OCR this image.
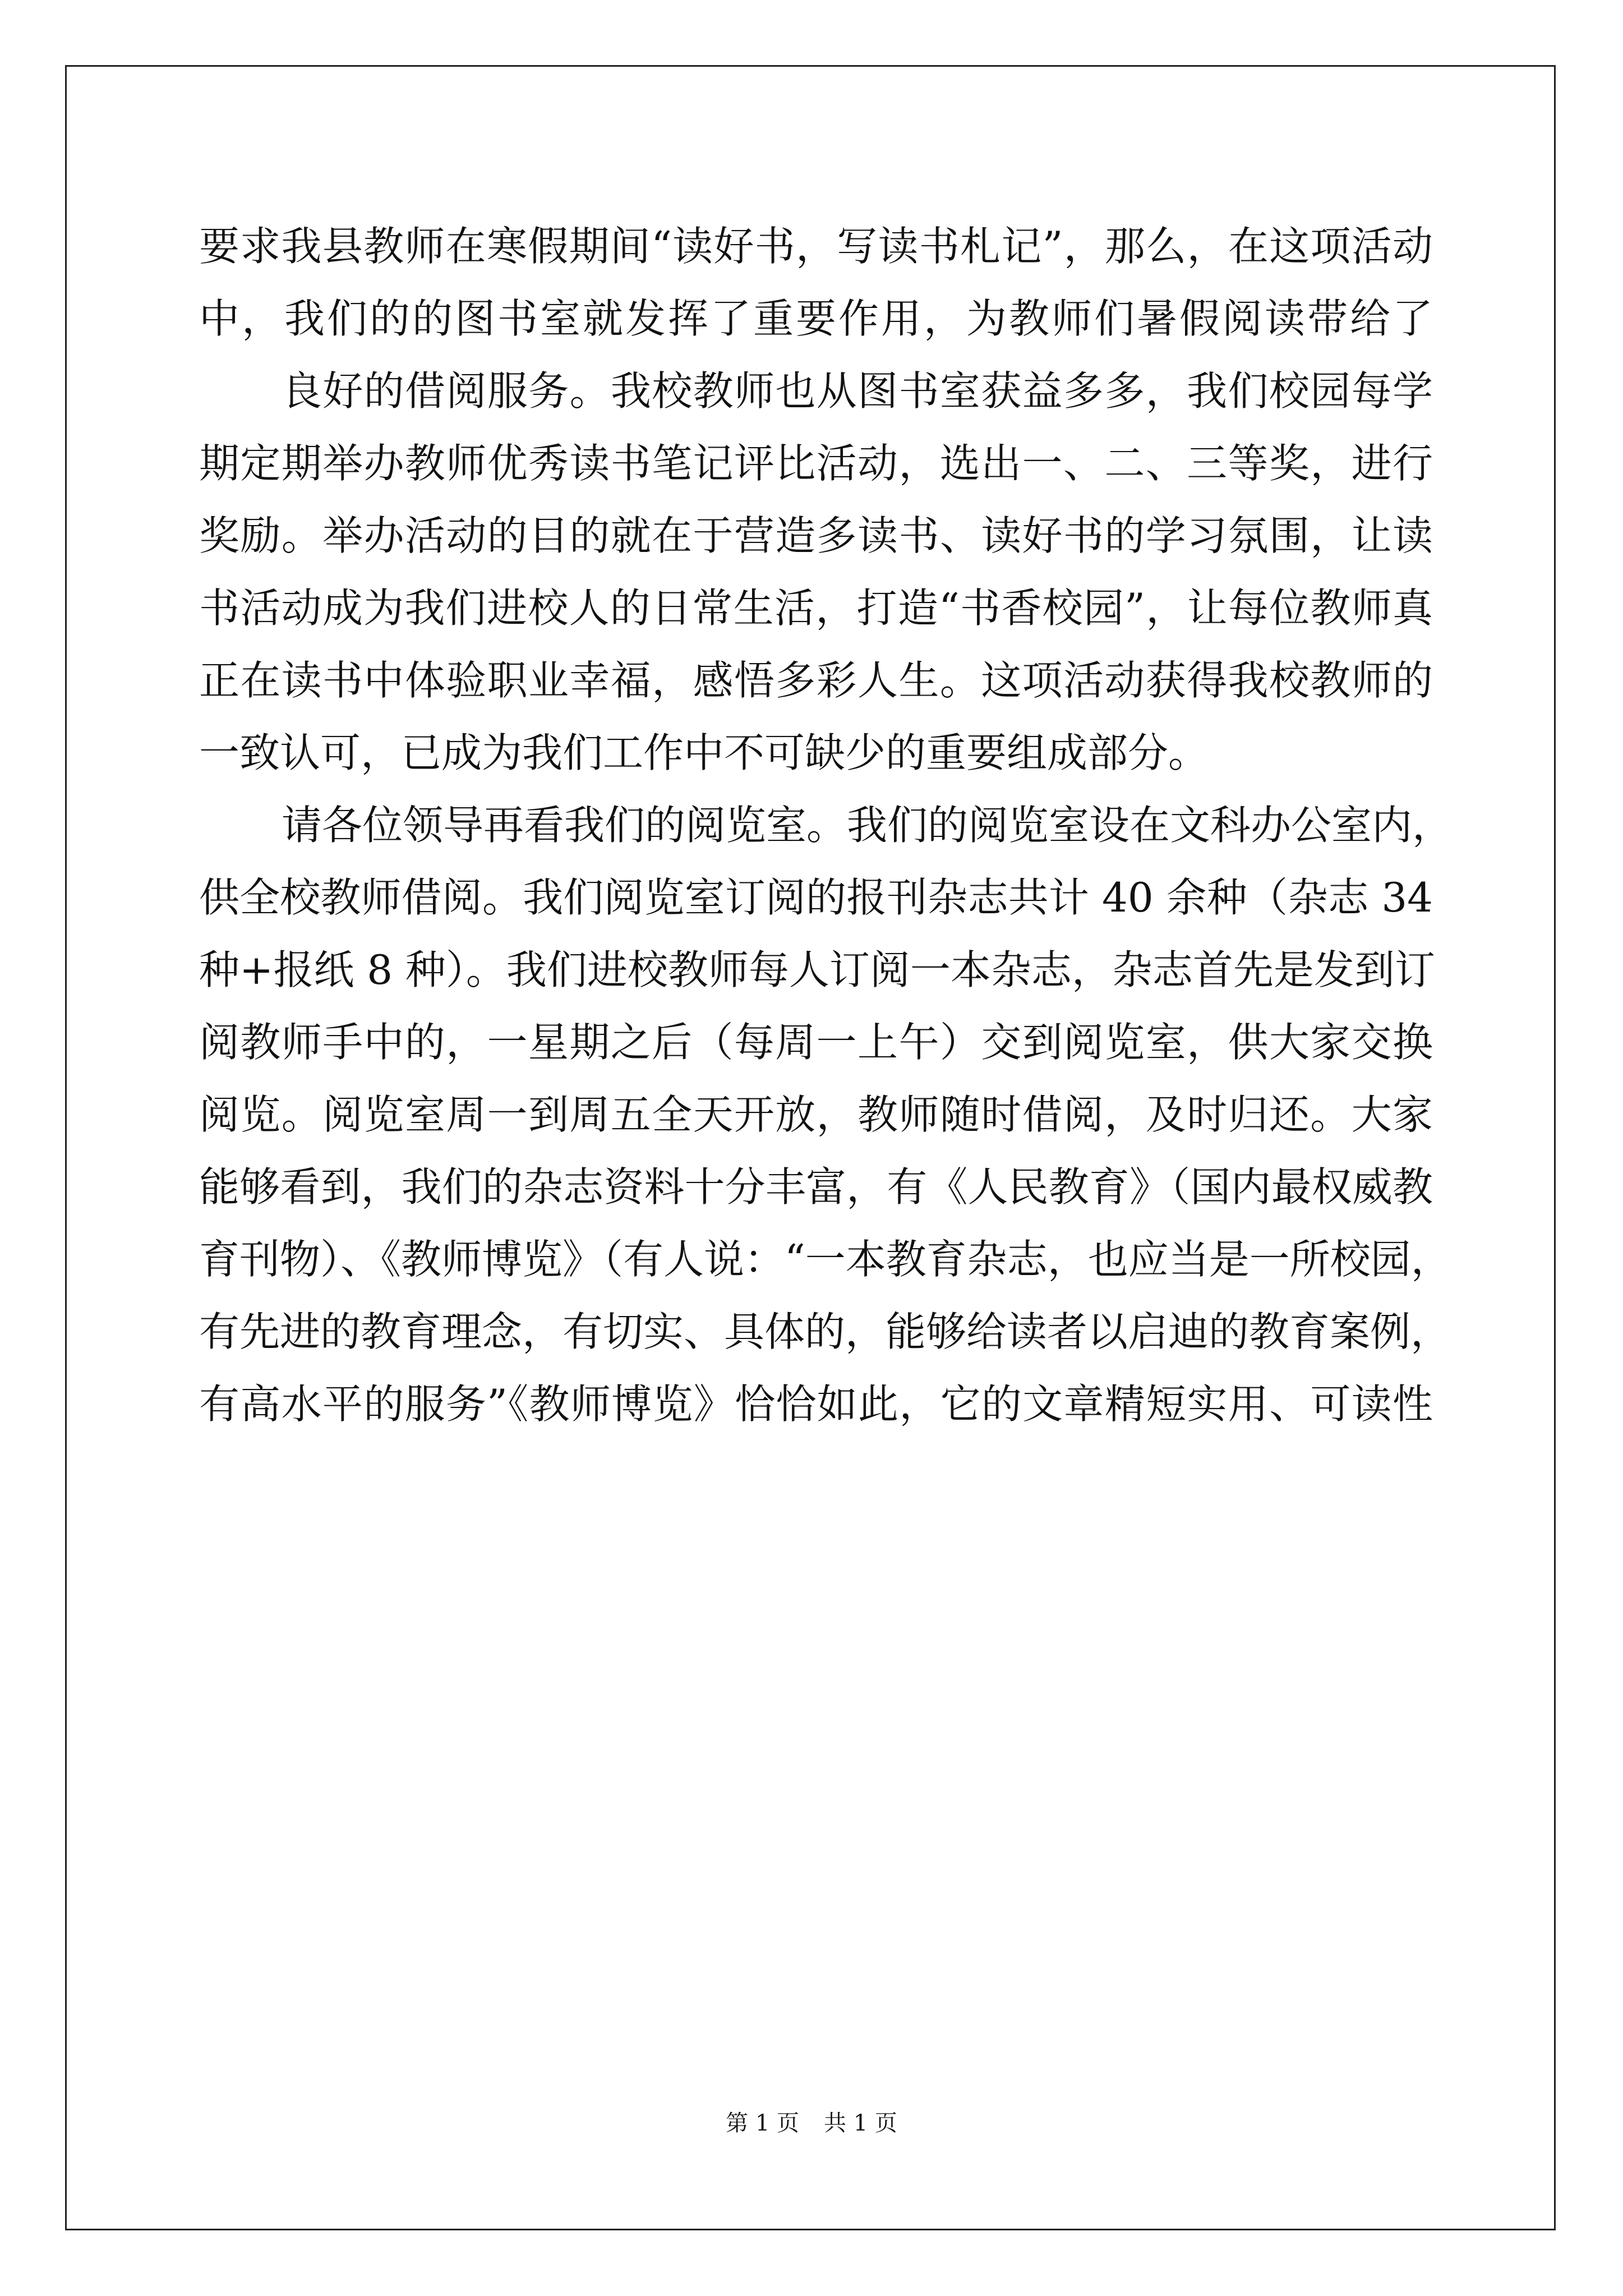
要求我县教师在寒假期间“读好书，写读书札记”，那么，在这项活动
中，我们的的图书室就发挥了重要作用，为教师们暑假阅读带给了
良好的借阅服务。我校教师也从图书室获益多多，我们校园每学
期定期举办教师优秀读书笔记评比活动，选出一、二、三等奖，进行
奖励。举办活动的目的就在于营造多读书、读好书的学习氛围，让读
书活动成为我们进校人的日常生活，打造“书香校园”，让每位教师真
正在读书中体验职业幸福，感悟多彩人生。这项活动获得我校教师的
一致认可，已成为我们工作中不可缺少的重要组成部分。
请各位领导再看我们的阅览室。我们的阅览室设在文科办公室内，
供全校教师借阅。我们阅览室订阅的报刊杂志共计 40 余种（杂志 34
种+报纸 8 种）。我们进校教师每人订阅一本杂志，杂志首先是发到订
阅教师手中的，一星期之后（每周一上午）交到阅览室，供大家交换
阅览。阅览室周一到周五全天开放，教师随时借阅，及时归还。大家
能够看到，我们的杂志资料十分丰富，有《人民教育》（国内最权威教
育刊物）、《教师博览》（有人说：“一本教育杂志，也应当是一所校园，
有先进的教育理念，有切实、具体的，能够给读者以启迪的教育案例，
有高水平的服务”《教师博览》恰恰如此，它的文章精短实用、可读性
第 1 页 共 1 页
